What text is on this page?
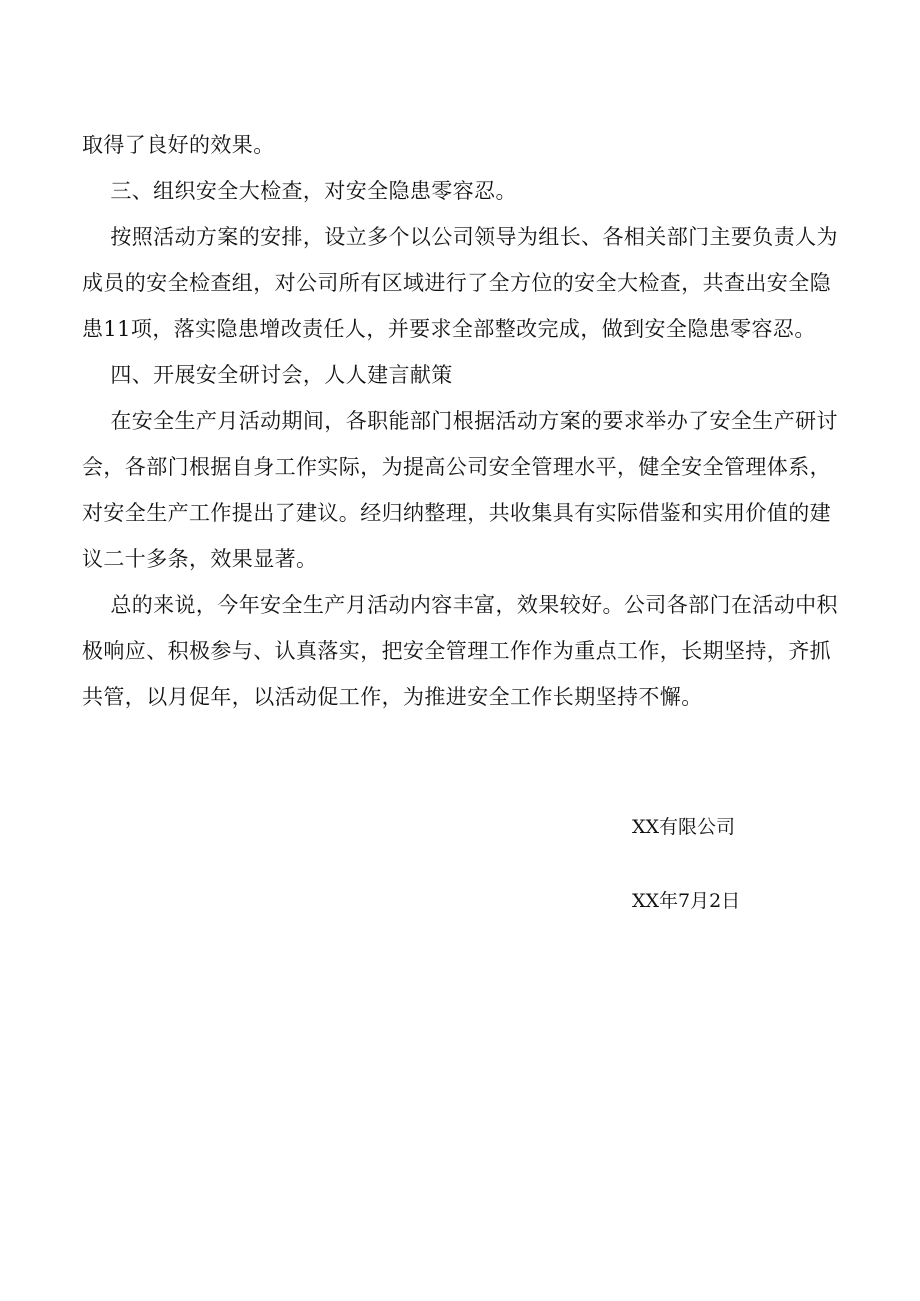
取得了良好的效果。

三、组织安全大检查，对安全隐患零容忍。

按照活动方案的安排，设立多个以公司领导为组长、各相关部门主要负责人为成员的安全检查组，对公司所有区域进行了全方位的安全大检查，共查出安全隐患11项，落实隐患增改责任人，并要求全部整改完成，做到安全隐患零容忍。

四、开展安全研讨会，人人建言献策

在安全生产月活动期间，各职能部门根据活动方案的要求举办了安全生产研讨会，各部门根据自身工作实际，为提高公司安全管理水平，健全安全管理体系，对安全生产工作提出了建议。经归纳整理，共收集具有实际借鉴和实用价值的建议二十多条，效果显著。

总的来说，今年安全生产月活动内容丰富，效果较好。公司各部门在活动中积极响应、积极参与、认真落实，把安全管理工作作为重点工作，长期坚持，齐抓共管，以月促年，以活动促工作，为推进安全工作长期坚持不懈。

XX有限公司
XX年7月2日
